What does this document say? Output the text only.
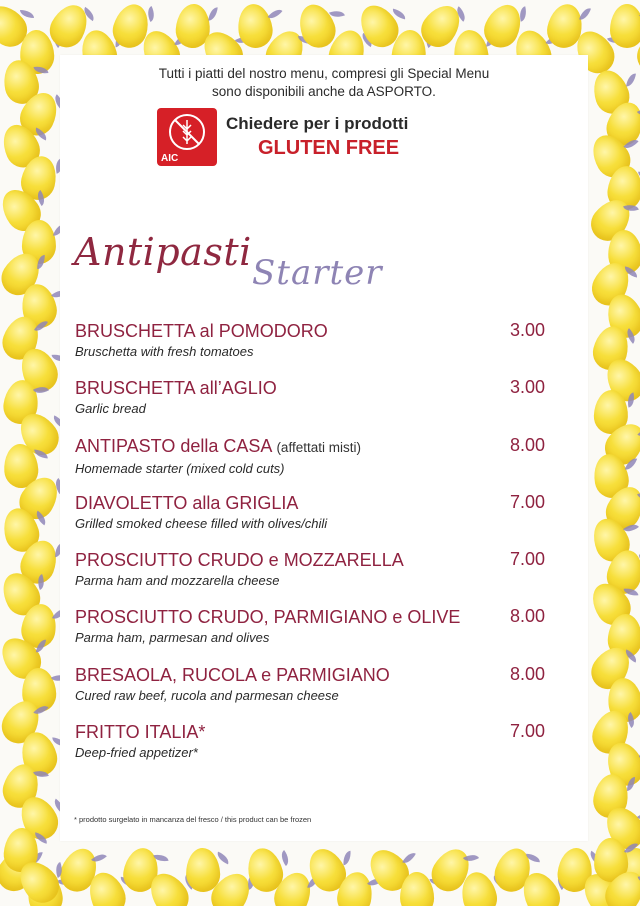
Tutti i piatti del nostro menu, compresi gli Special Menu
sono disponibili anche da ASPORTO.
AIC
Chiedere per i prodotti
GLUTEN FREE
Antipasti Starter
BRUSCHETTA al POMODORO
Bruschetta with fresh tomatoes
3.00
BRUSCHETTA all’AGLIO
Garlic bread
3.00
ANTIPASTO della CASA (affettati misti)
Homemade starter (mixed cold cuts)
8.00
DIAVOLETTO alla GRIGLIA
Grilled smoked cheese filled with olives/chili
7.00
PROSCIUTTO CRUDO e MOZZARELLA
Parma ham and mozzarella cheese
7.00
PROSCIUTTO CRUDO, PARMIGIANO e OLIVE
Parma ham, parmesan and olives
8.00
BRESAOLA, RUCOLA e PARMIGIANO
Cured raw beef, rucola and parmesan cheese
8.00
FRITTO ITALIA*
Deep-fried appetizer*
7.00
* prodotto surgelato in mancanza del fresco / this product can be frozen
